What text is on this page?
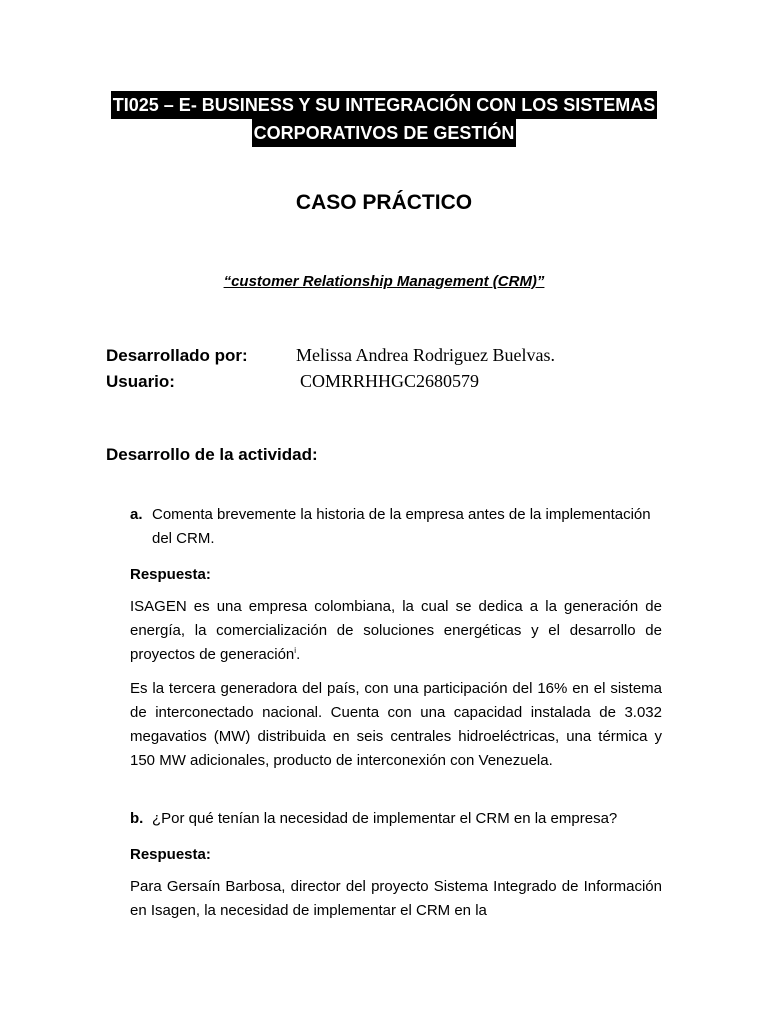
TI025 – E- BUSINESS Y SU INTEGRACIÓN CON LOS SISTEMAS
CORPORATIVOS DE GESTIÓN
CASO PRÁCTICO
“customer Relationship Management (CRM)”
Desarrollado por:	Melissa Andrea Rodriguez Buelvas.
Usuario:	COMRRHHGC2680579
Desarrollo de la actividad:
a. Comenta brevemente la historia de la empresa antes de la implementación del CRM.
Respuesta:

ISAGEN es una empresa colombiana, la cual se dedica a la generación de energía, la comercialización de soluciones energéticas y el desarrollo de proyectos de generación$^i$.

Es la tercera generadora del país, con una participación del 16% en el sistema de interconectado nacional. Cuenta con una capacidad instalada de 3.032 megavatios (MW) distribuida en seis centrales hidroeléctricas, una térmica y 150 MW adicionales, producto de interconexión con Venezuela.

b. ¿Por qué tenían la necesidad de implementar el CRM en la empresa?
Respuesta:

Para Gersaín Barbosa, director del proyecto Sistema Integrado de Información en Isagen, la necesidad de implementar el CRM en la
